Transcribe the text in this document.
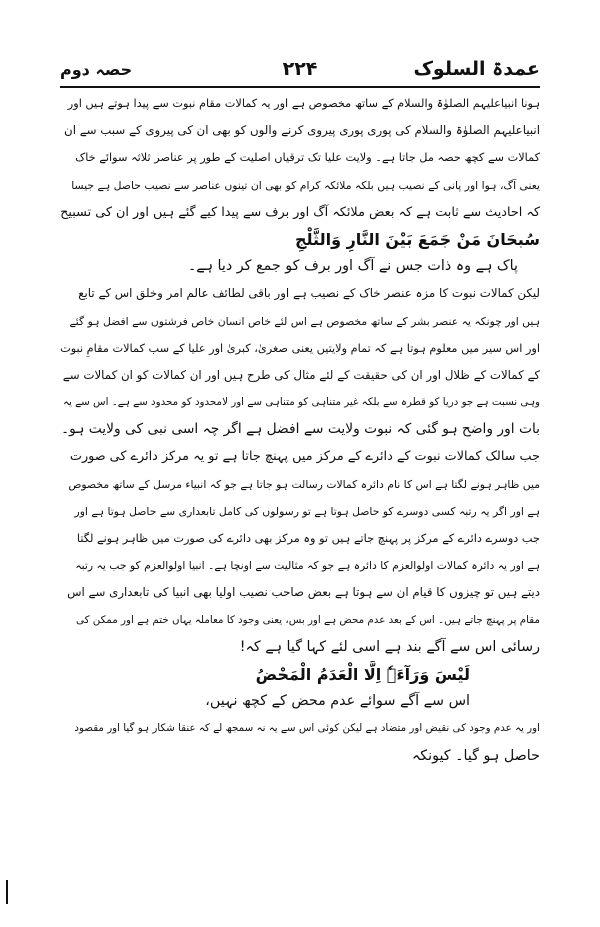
عمدۃ السلوک
۲۲۴
حصہ دوم
ہونا انبیاعلیہم الصلوٰۃ والسلام کے ساتھ مخصوص ہے اور یہ کمالات مقام نبوت سے پیدا ہوتے ہیں اور
انبیاعلیہم الصلوٰۃ والسلام کی پوری پوری پیروی کرنے والوں کو بھی ان کی پیروی کے سبب سے ان
کمالات سے کچھ حصہ مل جاتا ہے۔ ولایت علیا تک ترقیاں اصلیت کے طور پر عناصر ثلاثہ سوائے خاک
یعنی آگ، ہوا اور پانی کے نصیب ہیں بلکہ ملائکہ کرام کو بھی ان تینوں عناصر سے نصیب حاصل ہے جیسا
کہ احادیث سے ثابت ہے کہ بعض ملائکہ آگ اور برف سے پیدا کیے گئے ہیں اور ان کی تسبیح
سُبحَانَ مَنْ جَمَعَ بَیْنَ النَّارِ وَالثَّلْجِ
پاک ہے وہ ذات جس نے آگ اور برف کو جمع کر دیا ہے۔
لیکن کمالات نبوت کا مزہ عنصر خاک کے نصیب ہے اور باقی لطائف عالم امر وخلق اس کے تابع
ہیں اور چونکہ یہ عنصر بشر کے ساتھ مخصوص ہے اس لئے خاص انسان خاص فرشتوں سے افضل ہو گئے
اور اس سیر میں معلوم ہوتا ہے کہ تمام ولایتیں یعنی صغریٰ، کبریٰ اور علیا کے سب کمالات مقامِ نبوت
کے کمالات کے ظلال اور ان کی حقیقت کے لئے مثال کی طرح ہیں اور ان کمالات کو ان کمالات سے
وہی نسبت ہے جو دریا کو قطرہ سے بلکہ غیر متناہی کو متناہی سے اور لامحدود کو محدود سے ہے۔ اس سے یہ
بات اور واضح ہو گئی کہ نبوت ولایت سے افضل ہے اگر چہ اسی نبی کی ولایت ہو۔
جب سالک کمالات نبوت کے دائرے کے مرکز میں پہنچ جاتا ہے تو یہ مرکز دائرے کی صورت
میں ظاہر ہونے لگتا ہے اس کا نام دائرہ کمالات رسالت ہو جاتا ہے جو کہ انبیاء مرسل کے ساتھ مخصوص
ہے اور اگر یہ رتبہ کسی دوسرے کو حاصل ہوتا ہے تو رسولوں کی کامل تابعداری سے حاصل ہوتا ہے اور
جب دوسرے دائرے کے مرکز پر پہنچ جاتے ہیں تو وہ مرکز بھی دائرے کی صورت میں ظاہر ہونے لگتا
ہے اور یہ دائرہ کمالات اولوالعزم کا دائرہ ہے جو کہ مثالیت سے اونچا ہے۔ انبیا اولوالعزم کو جب یہ رتبہ
دیتے ہیں تو چیزوں کا قیام ان سے ہوتا ہے بعض صاحب نصیب اولیا بھی انبیا کی تابعداری سے اس
مقام پر پہنچ جاتے ہیں۔ اس کے بعد عدم محض ہے اور بس، یعنی وجود کا معاملہ یہاں ختم ہے اور ممکن کی
رسائی اس سے آگے بند ہے اسی لئے کہا گیا ہے کہ!
لَیْسَ وَرَآءَہٗ اِلَّا الْعَدَمُ الْمَحْضُ
اس سے آگے سوائے عدم محض کے کچھ نہیں،
اور یہ عدم وجود کی نقیض اور متضاد ہے لیکن کوئی اس سے یہ نہ سمجھ لے کہ عنقا شکار ہو گیا اور مقصود
حاصل ہو گیا۔ کیونکہ
